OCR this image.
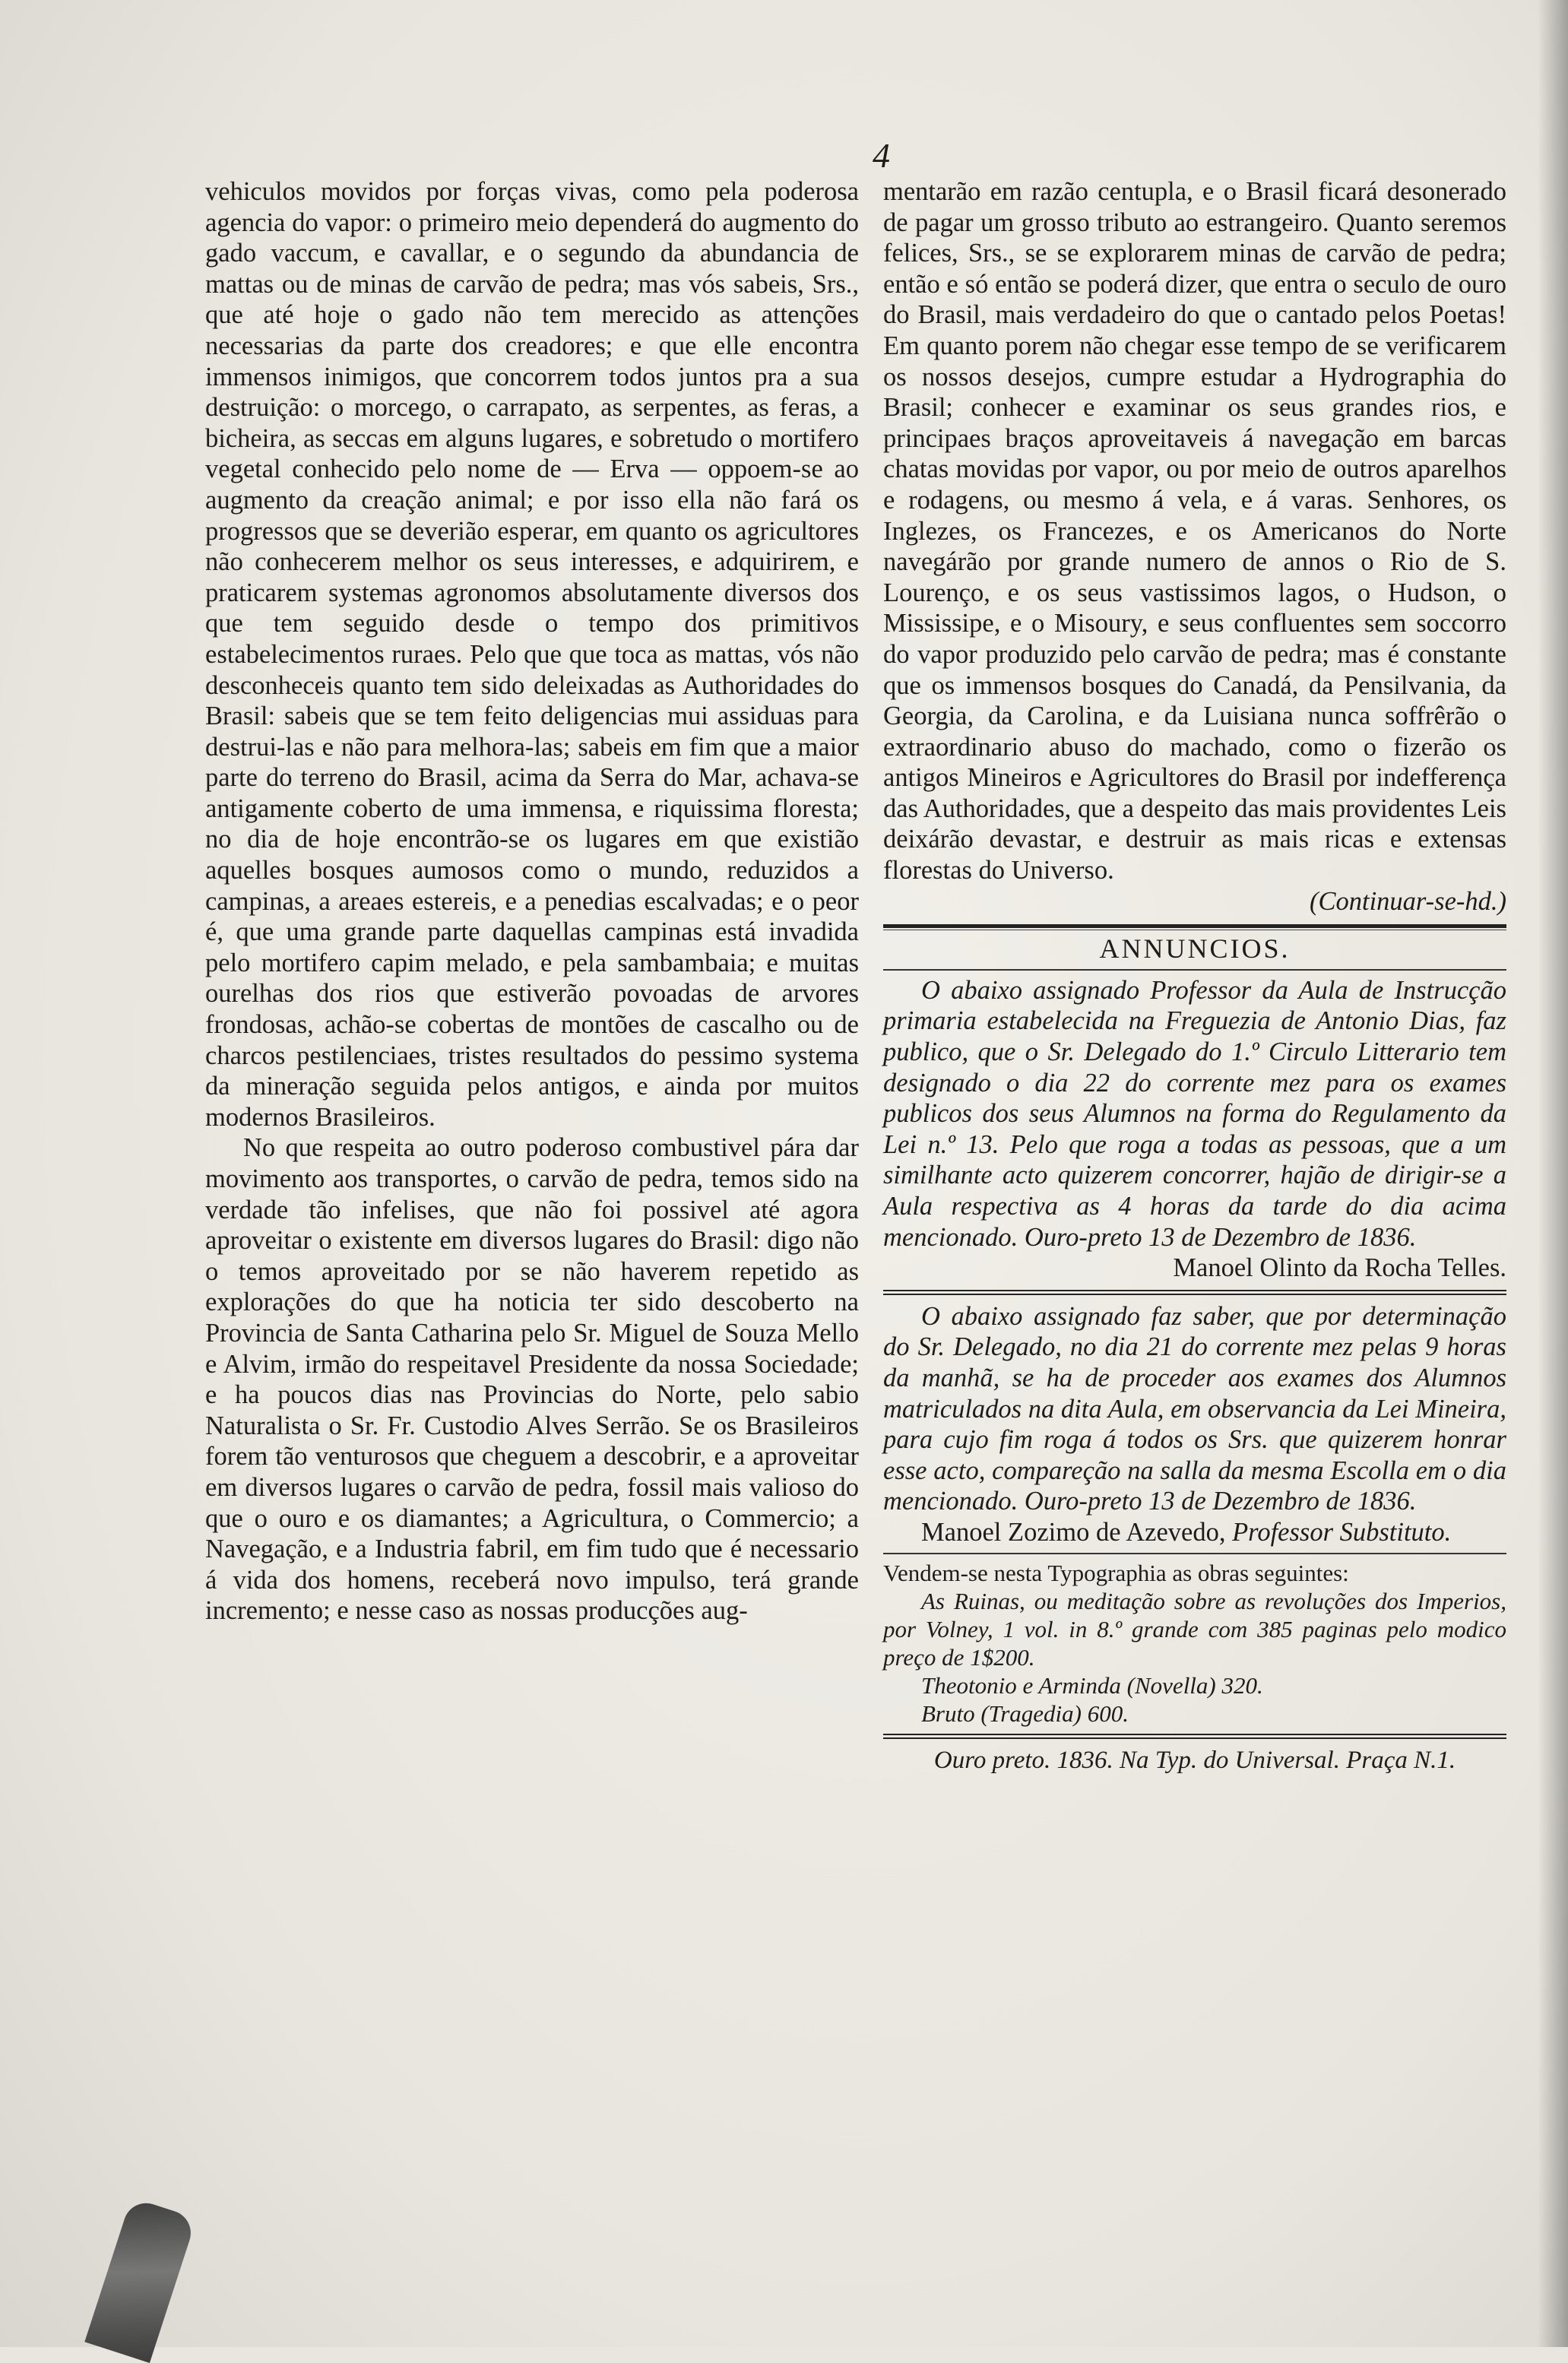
4

vehiculos movidos por forças vivas, como pela poderosa agencia do vapor: o primeiro meio dependerá do augmento do gado vaccum, e cavallar, e o segundo da abundancia de mattas ou de minas de carvão de pedra; mas vós sabeis, Srs., que até hoje o gado não tem merecido as attenções necessarias da parte dos creadores; e que elle encontra immensos inimigos, que concorrem todos juntos pra a sua destruição: o morcego, o carrapato, as serpentes, as feras, a bicheira, as seccas em alguns lugares, e sobretudo o mortifero vegetal conhecido pelo nome de — Erva — oppoem-se ao augmento da creação animal; e por isso ella não fará os progressos que se deverião esperar, em quanto os agricultores não conhecerem melhor os seus interesses, e adquirirem, e praticarem systemas agronomos absolutamente diversos dos que tem seguido desde o tempo dos primitivos estabelecimentos ruraes. Pelo que que toca as mattas, vós não desconheceis quanto tem sido deleixadas as Authoridades do Brasil: sabeis que se tem feito deligencias mui assiduas para destrui-las e não para melhora-las; sabeis em fim que a maior parte do terreno do Brasil, acima da Serra do Mar, achava-se antigamente coberto de uma immensa, e riquissima floresta; no dia de hoje encontrão-se os lugares em que existião aquelles bosques aumosos como o mundo, reduzidos a campinas, a areaes estereis, e a penedias escalvadas; e o peor é, que uma grande parte daquellas campinas está invadida pelo mortifero capim melado, e pela sambambaia; e muitas ourelhas dos rios que estiverão povoadas de arvores frondosas, achão-se cobertas de montões de cascalho ou de charcos pestilenciaes, tristes resultados do pessimo systema da mineração seguida pelos antigos, e ainda por muitos modernos Brasileiros.

No que respeita ao outro poderoso combustivel pára dar movimento aos transportes, o carvão de pedra, temos sido na verdade tão infelises, que não foi possivel até agora aproveitar o existente em diversos lugares do Brasil: digo não o temos aproveitado por se não haverem repetido as explorações do que ha noticia ter sido descoberto na Provincia de Santa Catharina pelo Sr. Miguel de Souza Mello e Alvim, irmão do respeitavel Presidente da nossa Sociedade; e ha poucos dias nas Provincias do Norte, pelo sabio Naturalista o Sr. Fr. Custodio Alves Serrão. Se os Brasileiros forem tão venturosos que cheguem a descobrir, e a aproveitar em diversos lugares o carvão de pedra, fossil mais valioso do que o ouro e os diamantes; a Agricultura, o Commercio; a Navegação, e a Industria fabril, em fim tudo que é necessario á vida dos homens, receberá novo impulso, terá grande incremento; e nesse caso as nossas producções aug-

mentarão em razão centupla, e o Brasil ficará desonerado de pagar um grosso tributo ao estrangeiro. Quanto seremos felices, Srs., se se explorarem minas de carvão de pedra; então e só então se poderá dizer, que entra o seculo de ouro do Brasil, mais verdadeiro do que o cantado pelos Poetas! Em quanto porem não chegar esse tempo de se verificarem os nossos desejos, cumpre estudar a Hydrographia do Brasil; conhecer e examinar os seus grandes rios, e principaes braços aproveitaveis á navegação em barcas chatas movidas por vapor, ou por meio de outros aparelhos e rodagens, ou mesmo á vela, e á varas. Senhores, os Inglezes, os Francezes, e os Americanos do Norte navegárão por grande numero de annos o Rio de S. Lourenço, e os seus vastissimos lagos, o Hudson, o Mississipe, e o Misoury, e seus confluentes sem soccorro do vapor produzido pelo carvão de pedra; mas é constante que os immensos bosques do Canadá, da Pensilvania, da Georgia, da Carolina, e da Luisiana nunca soffrêrão o extraordinario abuso do machado, como o fizerão os antigos Mineiros e Agricultores do Brasil por indefferença das Authoridades, que a despeito das mais providentes Leis deixárão devastar, e destruir as mais ricas e extensas florestas do Universo.

(Continuar-se-hd.)

ANNUNCIOS.

O abaixo assignado Professor da Aula de Instrucção primaria estabelecida na Freguezia de Antonio Dias, faz publico, que o Sr. Delegado do 1.º Circulo Litterario tem designado o dia 22 do corrente mez para os exames publicos dos seus Alumnos na forma do Regulamento da Lei n.º 13. Pelo que roga a todas as pessoas, que a um similhante acto quizerem concorrer, hajão de dirigir-se a Aula respectiva as 4 horas da tarde do dia acima mencionado. Ouro-preto 13 de Dezembro de 1836.

Manoel Olinto da Rocha Telles.

O abaixo assignado faz saber, que por determinação do Sr. Delegado, no dia 21 do corrente mez pelas 9 horas da manhã, se ha de proceder aos exames dos Alumnos matriculados na dita Aula, em observancia da Lei Mineira, para cujo fim roga á todos os Srs. que quizerem honrar esse acto, compareção na salla da mesma Escolla em o dia mencionado. Ouro-preto 13 de Dezembro de 1836.

Manoel Zozimo de Azevedo, Professor Substituto.

Vendem-se nesta Typographia as obras seguintes:

As Ruinas, ou meditação sobre as revoluções dos Imperios, por Volney, 1 vol. in 8.º grande com 385 paginas pelo modico preço de 1$200.

Theotonio e Arminda (Novella) 320.

Bruto (Tragedia) 600.

Ouro preto. 1836. Na Typ. do Universal. Praça N.1.
